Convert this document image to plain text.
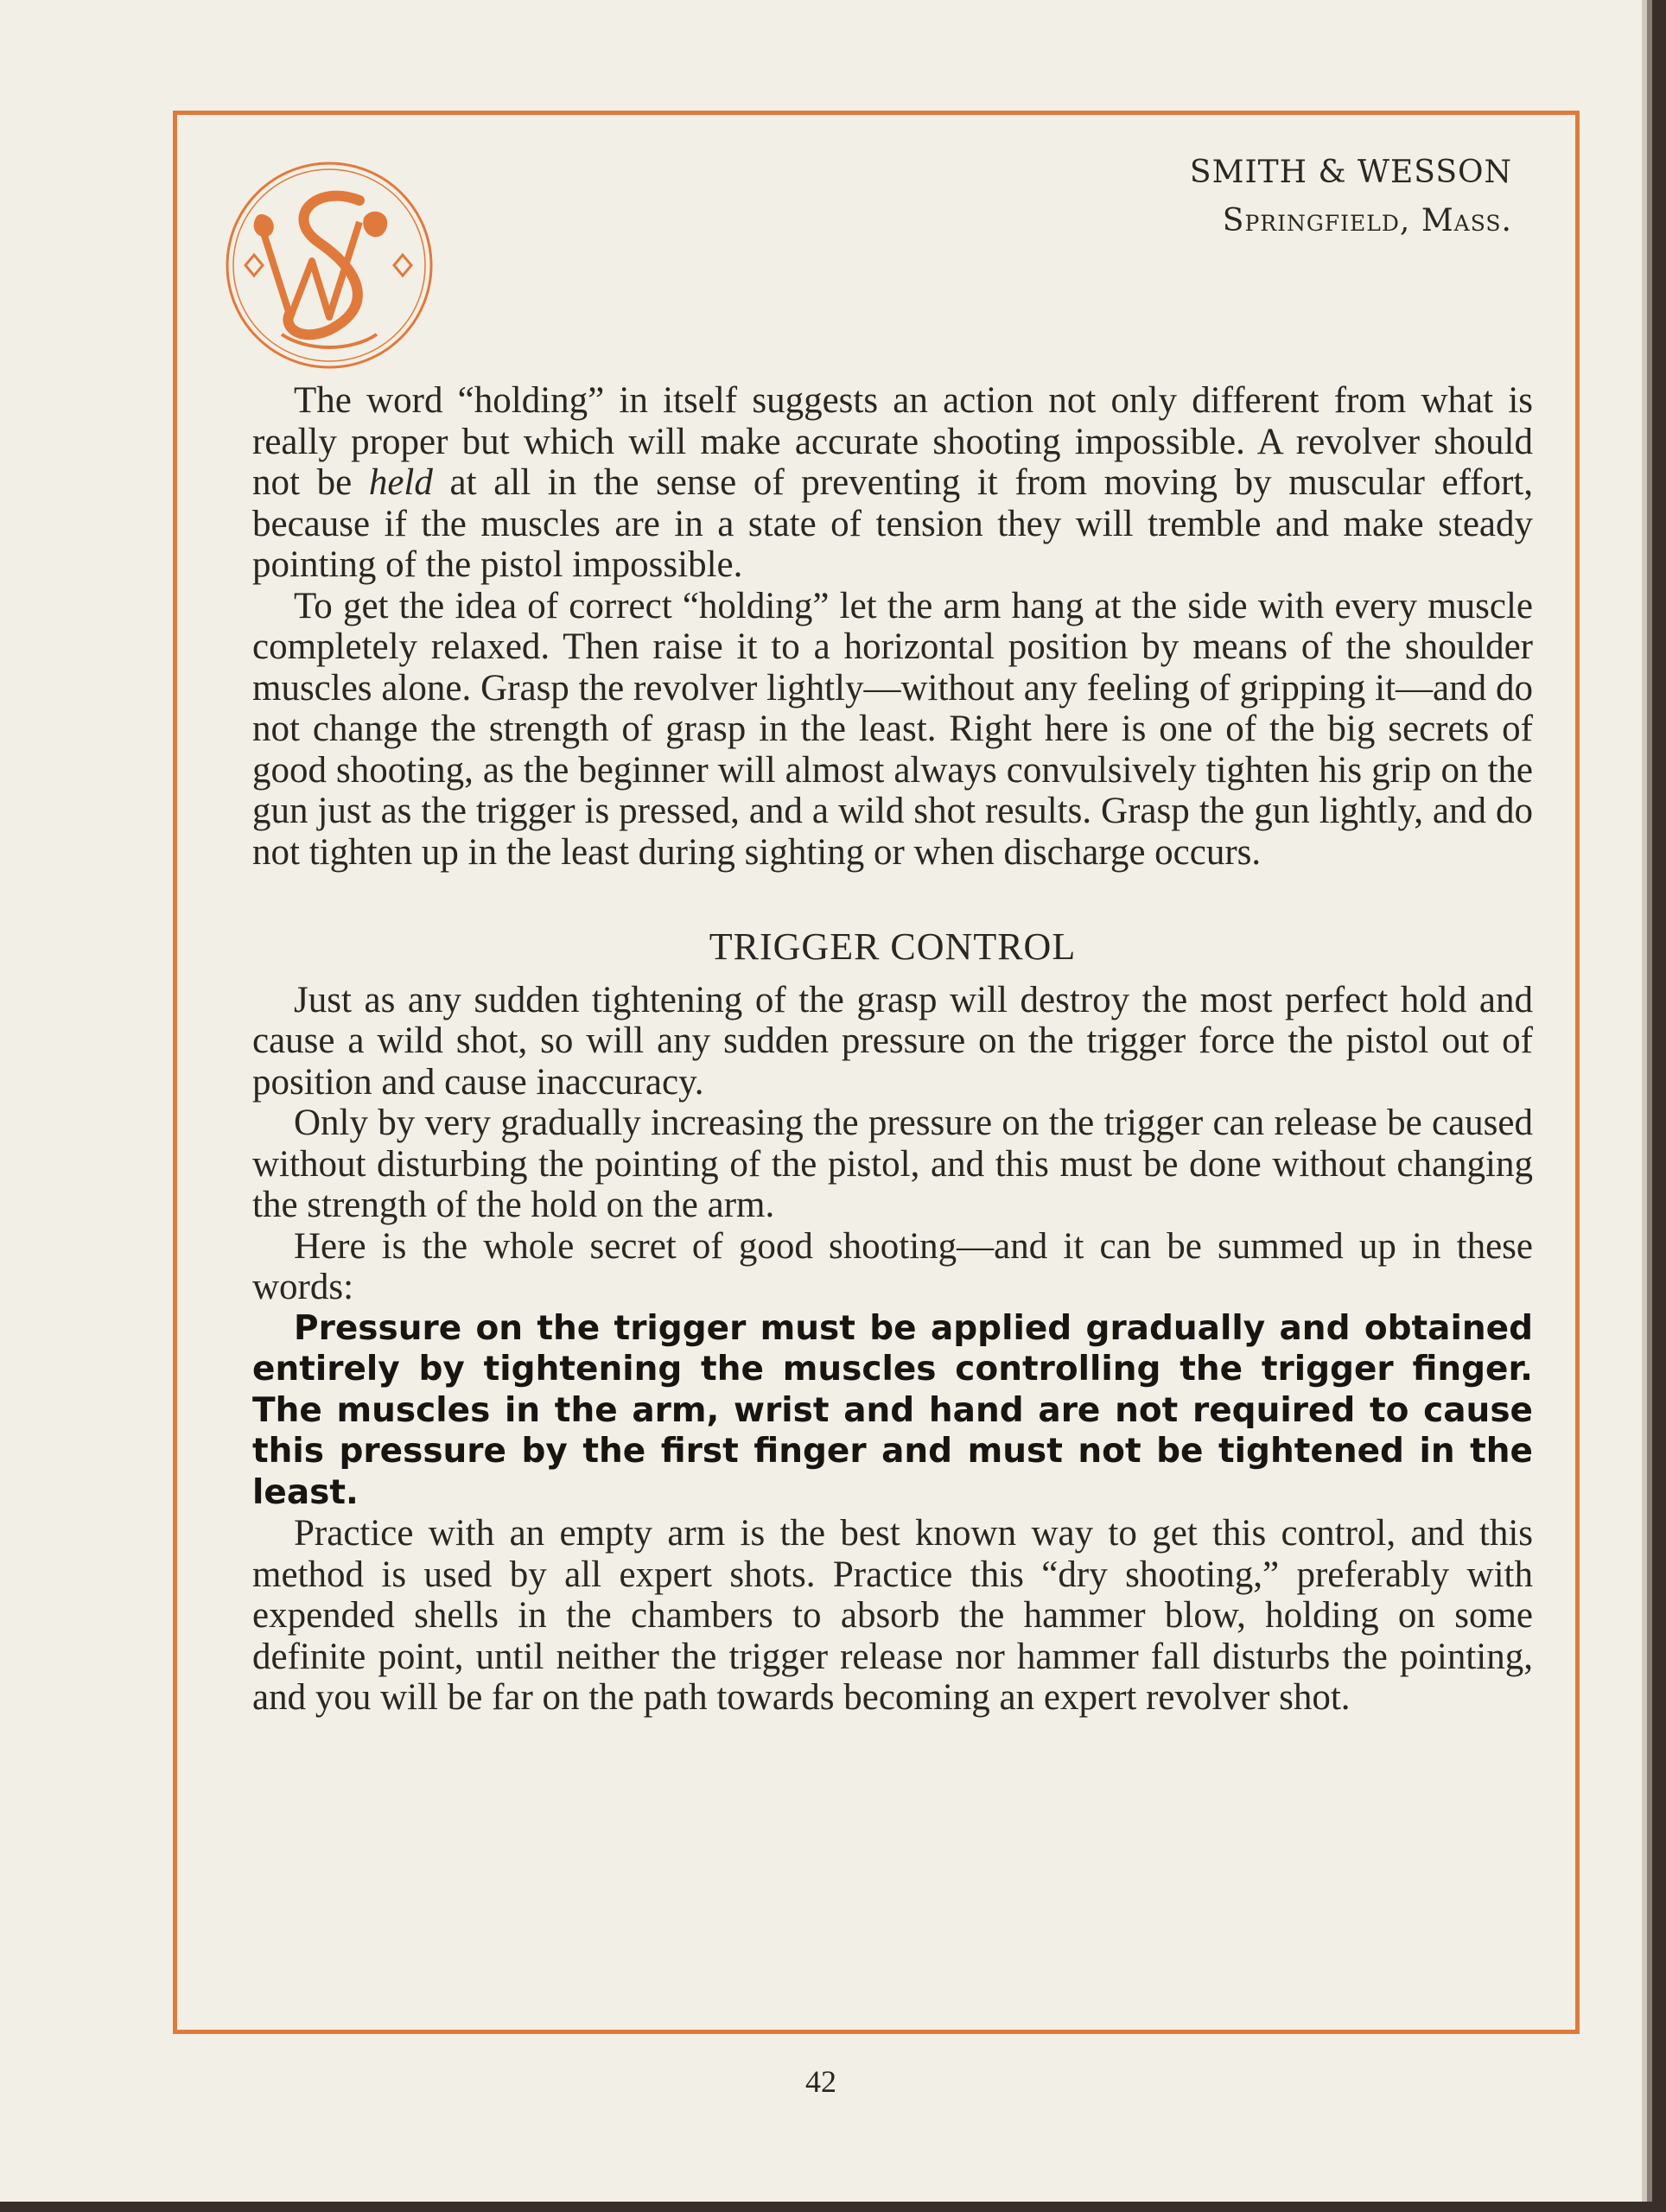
SMITH & WESSON
Springfield, Mass.

The word “holding” in itself suggests an action not only different from what is really proper but which will make accurate shooting impossible. A revolver should not be held at all in the sense of preventing it from moving by muscular effort, because if the muscles are in a state of tension they will tremble and make steady pointing of the pistol impossible.

To get the idea of correct “holding” let the arm hang at the side with every muscle completely relaxed. Then raise it to a horizontal position by means of the shoulder muscles alone. Grasp the revolver lightly—without any feeling of gripping it—and do not change the strength of grasp in the least. Right here is one of the big secrets of good shooting, as the beginner will almost always convulsively tighten his grip on the gun just as the trigger is pressed, and a wild shot results. Grasp the gun lightly, and do not tighten up in the least during sighting or when discharge occurs.

TRIGGER CONTROL

Just as any sudden tightening of the grasp will destroy the most perfect hold and cause a wild shot, so will any sudden pressure on the trigger force the pistol out of position and cause inaccuracy.

Only by very gradually increasing the pressure on the trigger can release be caused without disturbing the pointing of the pistol, and this must be done without changing the strength of the hold on the arm.

Here is the whole secret of good shooting—and it can be summed up in these words:

Pressure on the trigger must be applied gradually and obtained entirely by tightening the muscles controlling the trigger finger. The muscles in the arm, wrist and hand are not required to cause this pressure by the first finger and must not be tightened in the least.

Practice with an empty arm is the best known way to get this control, and this method is used by all expert shots. Practice this “dry shooting,” preferably with expended shells in the chambers to absorb the hammer blow, holding on some definite point, until neither the trigger release nor hammer fall disturbs the pointing, and you will be far on the path towards becoming an expert revolver shot.

42
